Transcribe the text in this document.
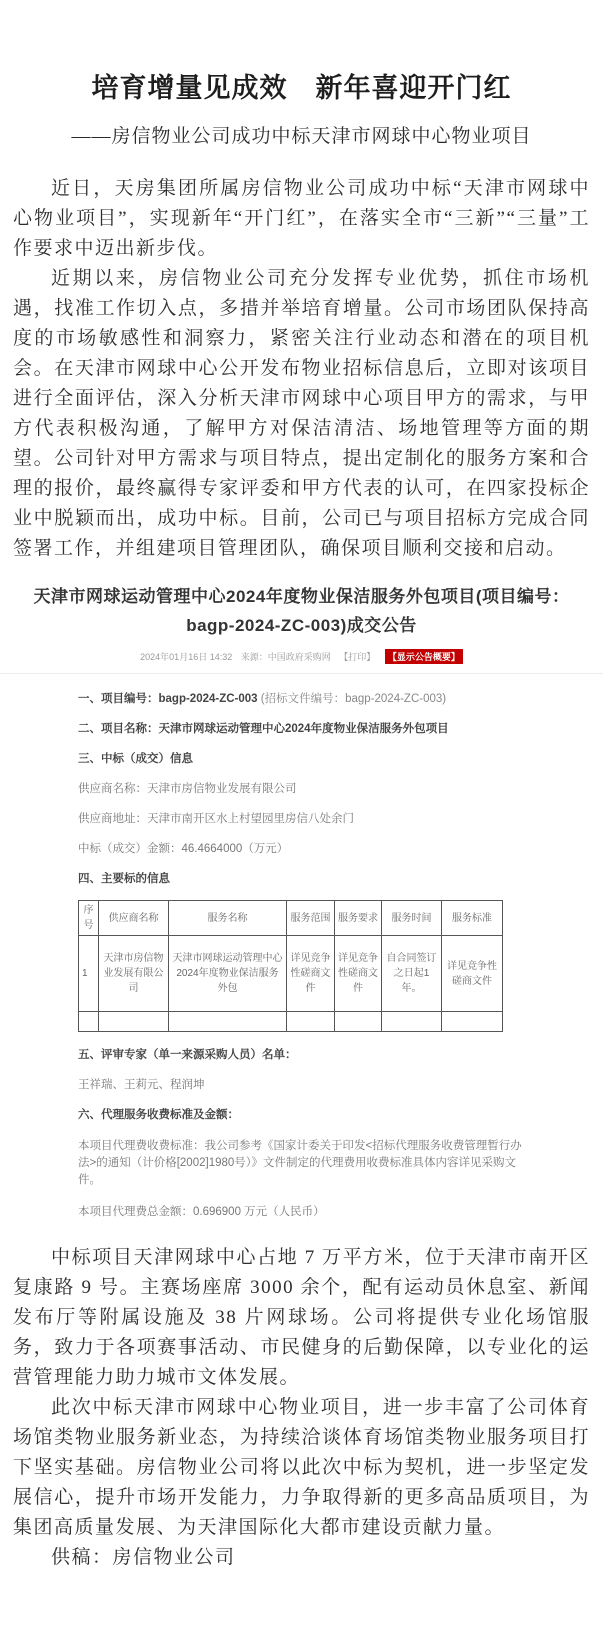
培育增量见成效　新年喜迎开门红
——房信物业公司成功中标天津市网球中心物业项目

近日，天房集团所属房信物业公司成功中标“天津市网球中心物业项目”，实现新年“开门红”，在落实全市“三新”“三量”工作要求中迈出新步伐。

近期以来，房信物业公司充分发挥专业优势，抓住市场机遇，找准工作切入点，多措并举培育增量。公司市场团队保持高度的市场敏感性和洞察力，紧密关注行业动态和潜在的项目机会。在天津市网球中心公开发布物业招标信息后，立即对该项目进行全面评估，深入分析天津市网球中心项目甲方的需求，与甲方代表积极沟通，了解甲方对保洁清洁、场地管理等方面的期望。公司针对甲方需求与项目特点，提出定制化的服务方案和合理的报价，最终赢得专家评委和甲方代表的认可，在四家投标企业中脱颖而出，成功中标。目前，公司已与项目招标方完成合同签署工作，并组建项目管理团队，确保项目顺利交接和启动。

天津市网球运动管理中心2024年度物业保洁服务外包项目(项目编号：bagp-2024-ZC-003)成交公告
2024年01月16日 14:32 来源：中国政府采购网 【打印】 【显示公告概要】
一、项目编号：bagp-2024-ZC-003 (招标文件编号：bagp-2024-ZC-003)
二、项目名称：天津市网球运动管理中心2024年度物业保洁服务外包项目
三、中标（成交）信息
供应商名称：天津市房信物业发展有限公司
供应商地址：天津市南开区水上村望园里房信八处余门
中标（成交）金额：46.4664000（万元）
四、主要标的信息
序号	供应商名称	服务名称	服务范围	服务要求	服务时间	服务标准
1	天津市房信物业发展有限公司	天津市网球运动管理中心2024年度物业保洁服务外包	详见竞争性磋商文件	详见竞争性磋商文件	自合同签订之日起1年。	详见竞争性磋商文件

五、评审专家（单一来源采购人员）名单：
王祥瑞、王莉元、程润坤
六、代理服务收费标准及金额：
本项目代理费收费标准：我公司参考《国家计委关于印发<招标代理服务收费管理暂行办法>的通知（计价格[2002]1980号）》文件制定的代理费用收费标准具体内容详见采购文件。
本项目代理费总金额：0.696900 万元（人民币）

中标项目天津网球中心占地 7 万平方米，位于天津市南开区复康路 9 号。主赛场座席 3000 余个，配有运动员休息室、新闻发布厅等附属设施及 38 片网球场。公司将提供专业化场馆服务，致力于各项赛事活动、市民健身的后勤保障，以专业化的运营管理能力助力城市文体发展。

此次中标天津市网球中心物业项目，进一步丰富了公司体育场馆类物业服务新业态，为持续洽谈体育场馆类物业服务项目打下坚实基础。房信物业公司将以此次中标为契机，进一步坚定发展信心，提升市场开发能力，力争取得新的更多高品质项目，为集团高质量发展、为天津国际化大都市建设贡献力量。

供稿：房信物业公司
